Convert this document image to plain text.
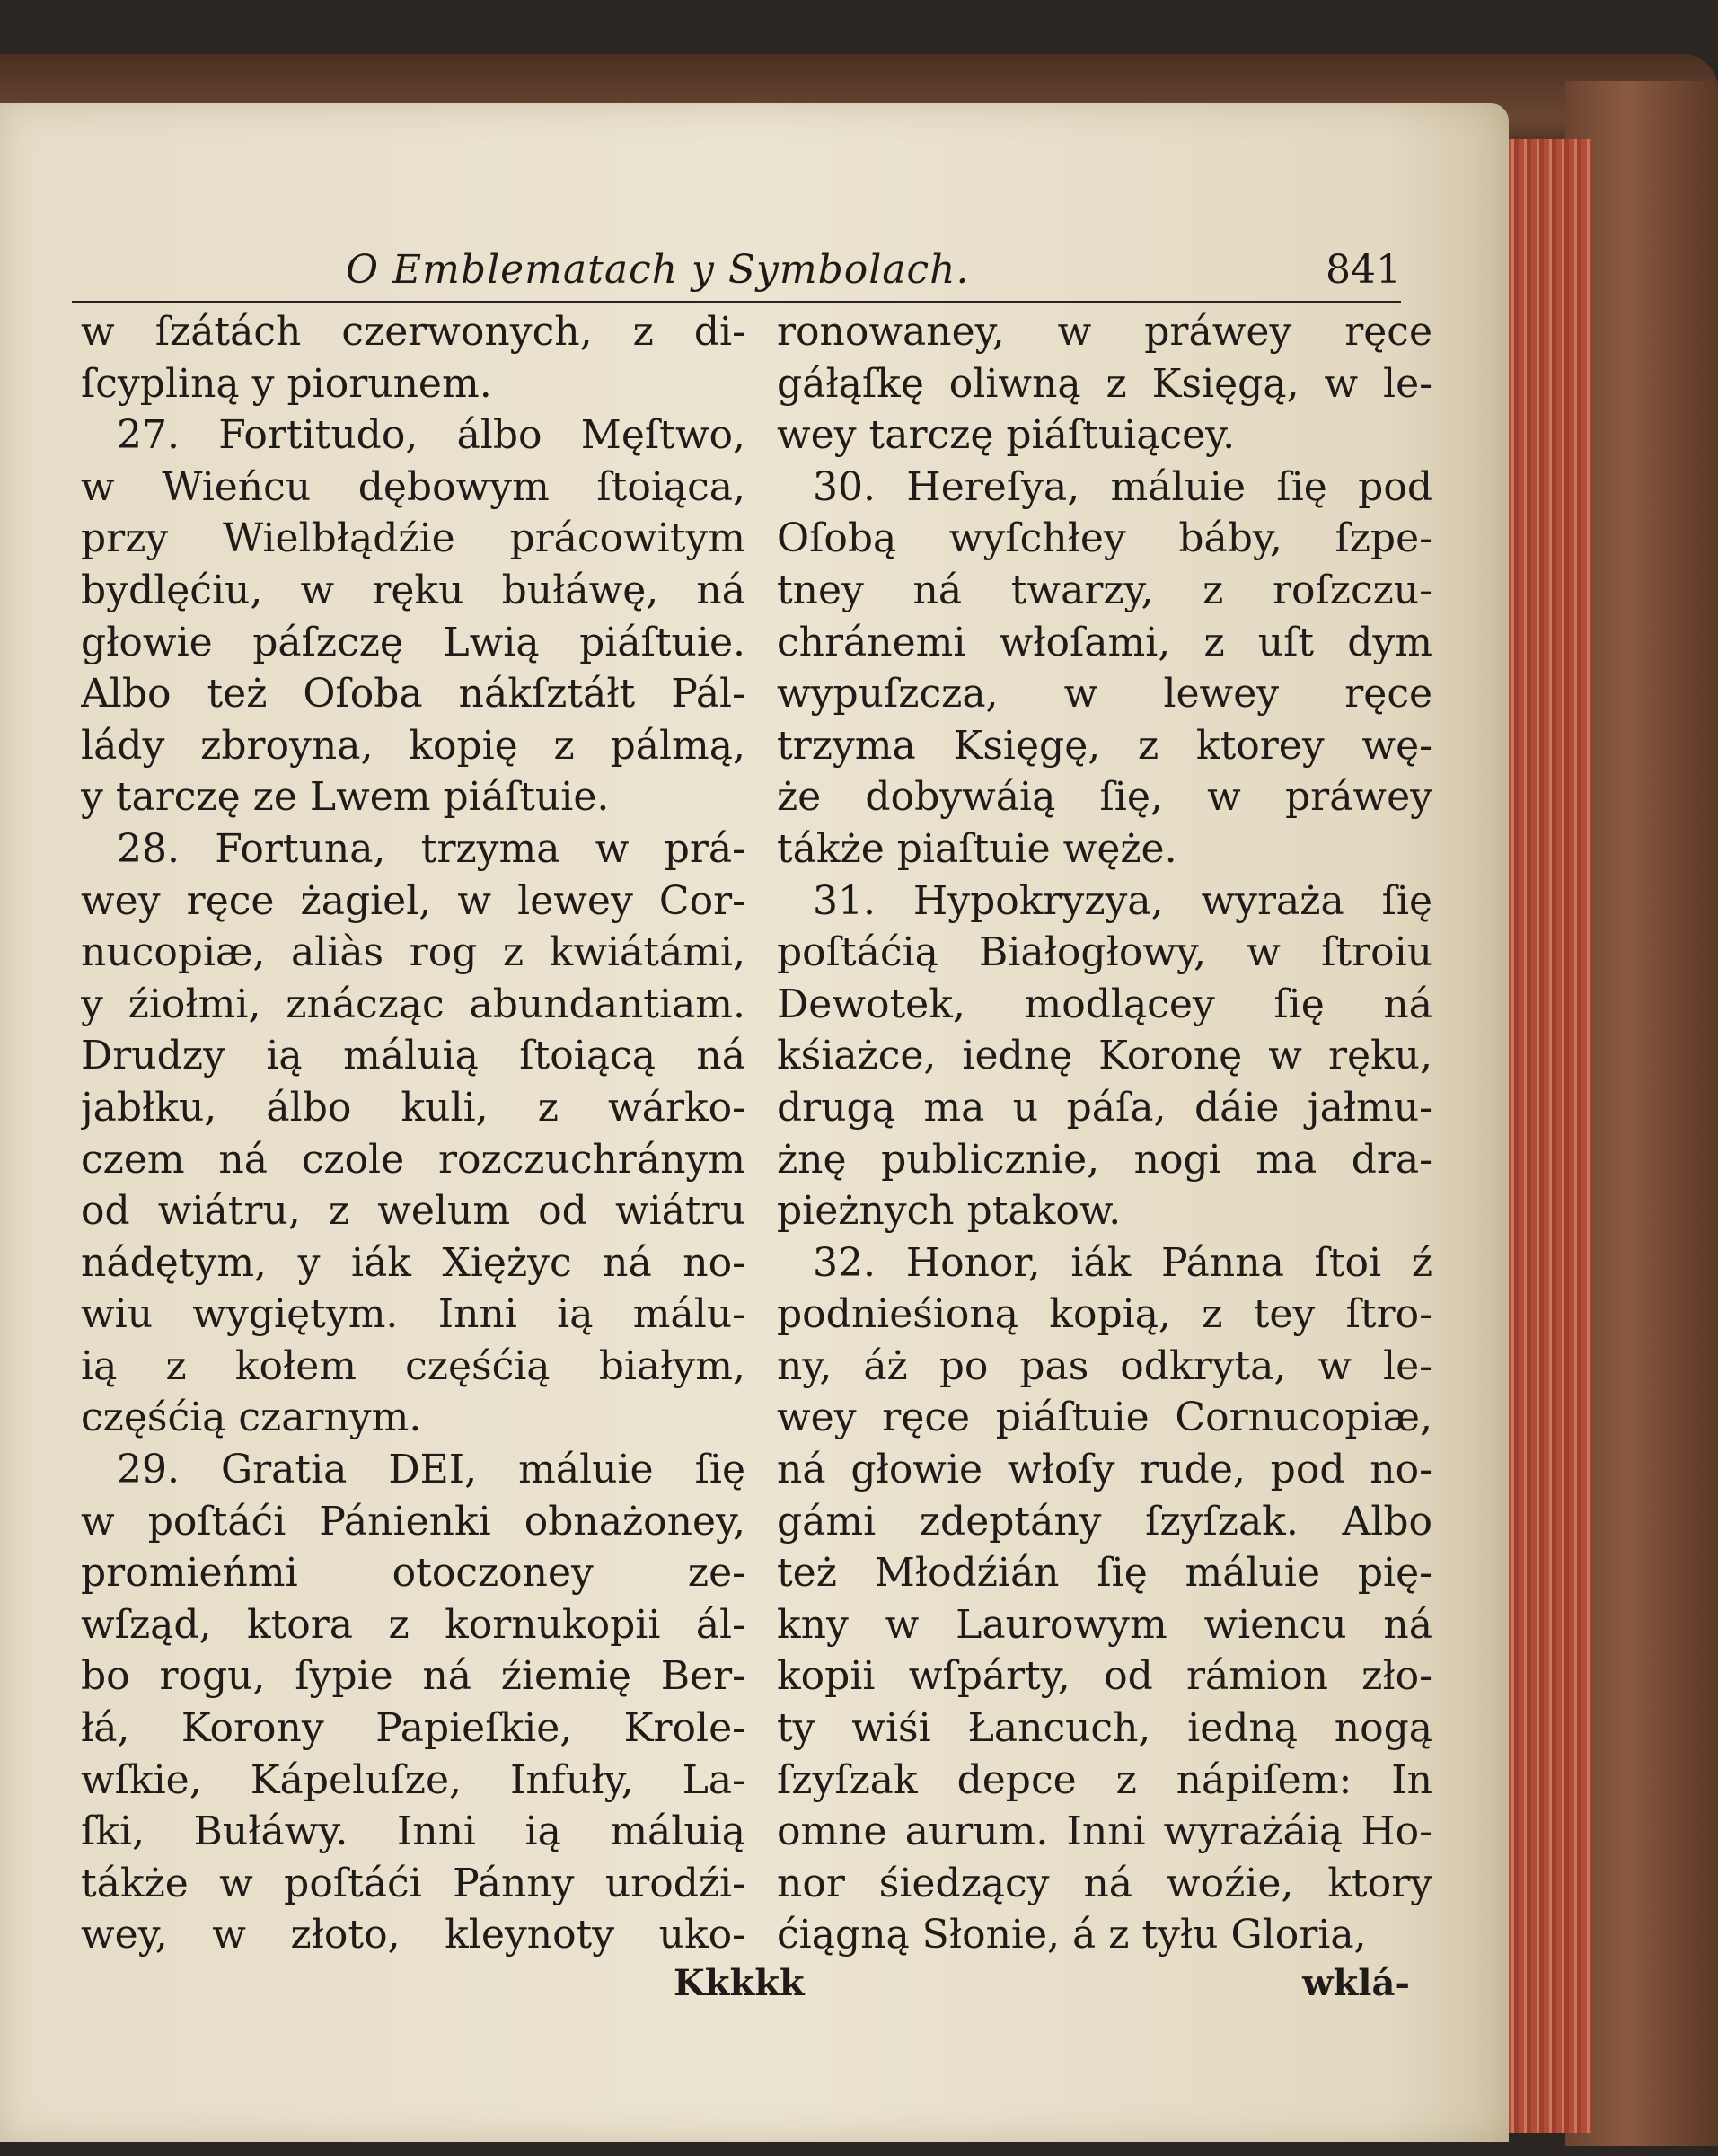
O Emblematach y Symbolach.	841
w ſzátách czerwonych, z di-
ſcypliną y piorunem.
27. Fortitudo, álbo Męſtwo,
w Wieńcu dębowym ſtoiąca,
przy Wielbłądźie prácowitym
bydlęćiu, w ręku bułáwę, ná
głowie páſzczę Lwią piáſtuie.
Albo też Oſoba nákſztáłt Pál-
lády zbroyna, kopię z pálmą,
y tarczę ze Lwem piáſtuie.
28. Fortuna, trzyma w prá-
wey ręce żagiel, w lewey Cor-
nucopiæ, aliàs rog z kwiátámi,
y źiołmi, znácząc abundantiam.
Drudzy ią máluią ſtoiącą ná
jabłku, álbo kuli, z wárko-
czem ná czole rozczuchránym
od wiátru, z welum od wiátru
nádętym, y iák Xiężyc ná no-
wiu wygiętym. Inni ią málu-
ią z kołem częśćią białym,
częśćią czarnym.
29. Gratia DEI, máluie ſię
w poſtáći Pánienki obnażoney,
promieńmi otoczoney ze-
wſząd, ktora z kornukopii ál-
bo rogu, ſypie ná źiemię Ber-
łá, Korony Papieſkie, Krole-
wſkie, Kápeluſze, Infuły, La-
ſki, Bułáwy. Inni ią máluią
tákże w poſtáći Pánny urodźi-
wey, w złoto, kleynoty uko-
ronowaney, w práwey ręce
gáłąſkę oliwną z Księgą, w le-
wey tarczę piáſtuiącey.
30. Hereſya, máluie ſię pod
Oſobą wyſchłey báby, ſzpe-
tney ná twarzy, z roſzczu-
chránemi włoſami, z uſt dym
wypuſzcza, w lewey ręce
trzyma Księgę, z ktorey wę-
że dobywáią ſię, w práwey
tákże piaſtuie węże.
31. Hypokryzya, wyraża ſię
poſtáćią Białogłowy, w ſtroiu
Dewotek, modlącey ſię ná
kśiażce, iednę Koronę w ręku,
drugą ma u páſa, dáie jałmu-
żnę publicznie, nogi ma dra-
pieżnych ptakow.
32. Honor, iák Pánna ſtoi ź
podnieśioną kopią, z tey ſtro-
ny, áż po pas odkryta, w le-
wey ręce piáſtuie Cornucopiæ,
ná głowie włoſy rude, pod no-
gámi zdeptány ſzyſzak. Albo
też Młodźián ſię máluie pię-
kny w Laurowym wiencu ná
kopii wſpárty, od rámion zło-
ty wiśi Łancuch, iedną nogą
ſzyſzak depce z nápiſem: In
omne aurum. Inni wyrażáią Ho-
nor śiedzący ná woźie, ktory
ćiągną Słonie, á z tyłu Gloria,
Kkkkk	wklá-
